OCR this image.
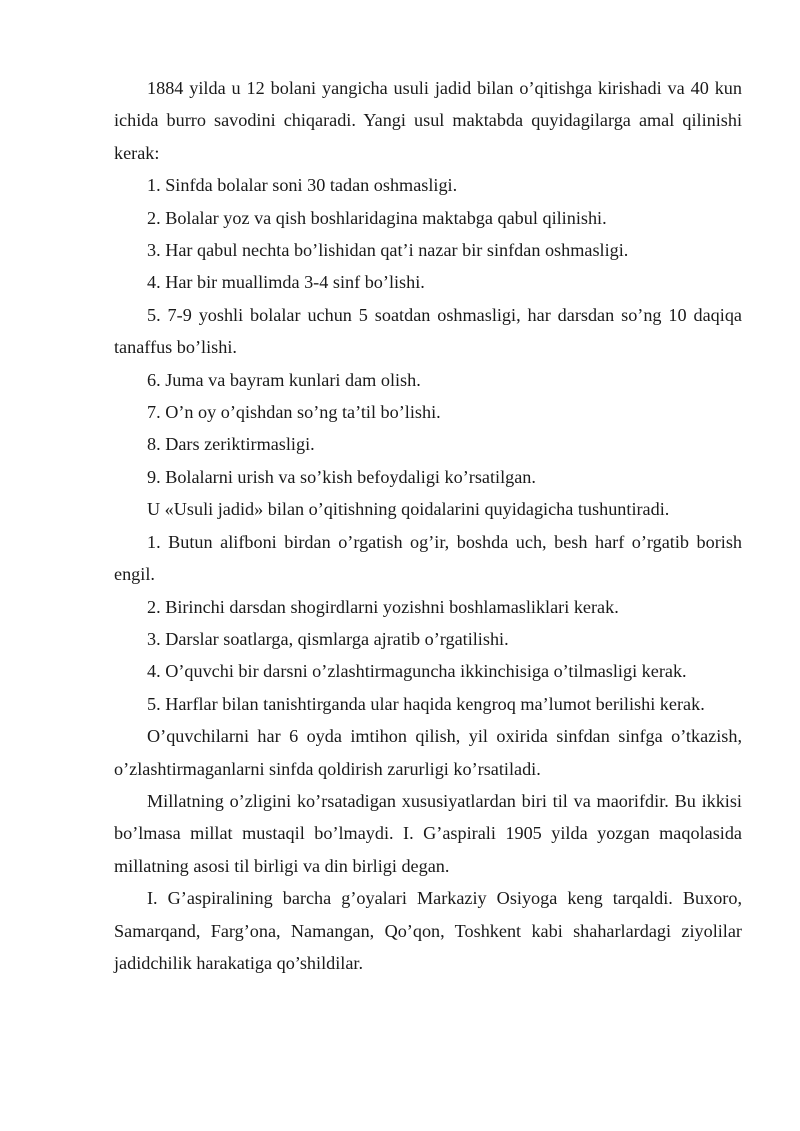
1884 yilda u 12 bolani yangicha usuli jadid bilan o’qitishga kirishadi va 40 kun ichida burro savodini chiqaradi. Yangi usul maktabda quyidagilarga amal qilinishi kerak:

1. Sinfda bolalar soni 30 tadan oshmasligi.

2. Bolalar yoz va qish boshlaridagina maktabga qabul qilinishi.

3. Har qabul nechta bo’lishidan qat’i nazar bir sinfdan oshmasligi.

4. Har bir muallimda 3-4 sinf bo’lishi.

5. 7-9 yoshli bolalar uchun 5 soatdan oshmasligi, har darsdan so’ng 10 daqiqa tanaffus bo’lishi.

6. Juma va bayram kunlari dam olish.

7. O’n oy o’qishdan so’ng ta’til bo’lishi.

8. Dars zeriktirmasligi.

9. Bolalarni urish va so’kish befoydaligi ko’rsatilgan.

U «Usuli jadid» bilan o’qitishning qoidalarini quyidagicha tushuntiradi.

1. Butun alifboni birdan o’rgatish og’ir, boshda uch, besh harf o’rgatib borish engil.

2. Birinchi darsdan shogirdlarni yozishni boshlamasliklari kerak.

3. Darslar soatlarga, qismlarga ajratib o’rgatilishi.

4. O’quvchi bir darsni o’zlashtirmaguncha ikkinchisiga o’tilmasligi kerak.

5. Harflar bilan tanishtirganda ular haqida kengroq ma’lumot berilishi kerak.

O’quvchilarni har 6 oyda imtihon qilish, yil oxirida sinfdan sinfga o’tkazish, o’zlashtirmaganlarni sinfda qoldirish zarurligi ko’rsatiladi.

Millatning o’zligini ko’rsatadigan xususiyatlardan biri til va maorifdir. Bu ikkisi bo’lmasa millat mustaqil bo’lmaydi. I. G’aspirali 1905 yilda yozgan maqolasida millatning asosi til birligi va din birligi degan.

I. G’aspiralining barcha g’oyalari Markaziy Osiyoga keng tarqaldi. Buxoro, Samarqand, Farg’ona, Namangan, Qo’qon, Toshkent kabi shaharlardagi ziyolilar jadidchilik harakatiga qo’shildilar.
